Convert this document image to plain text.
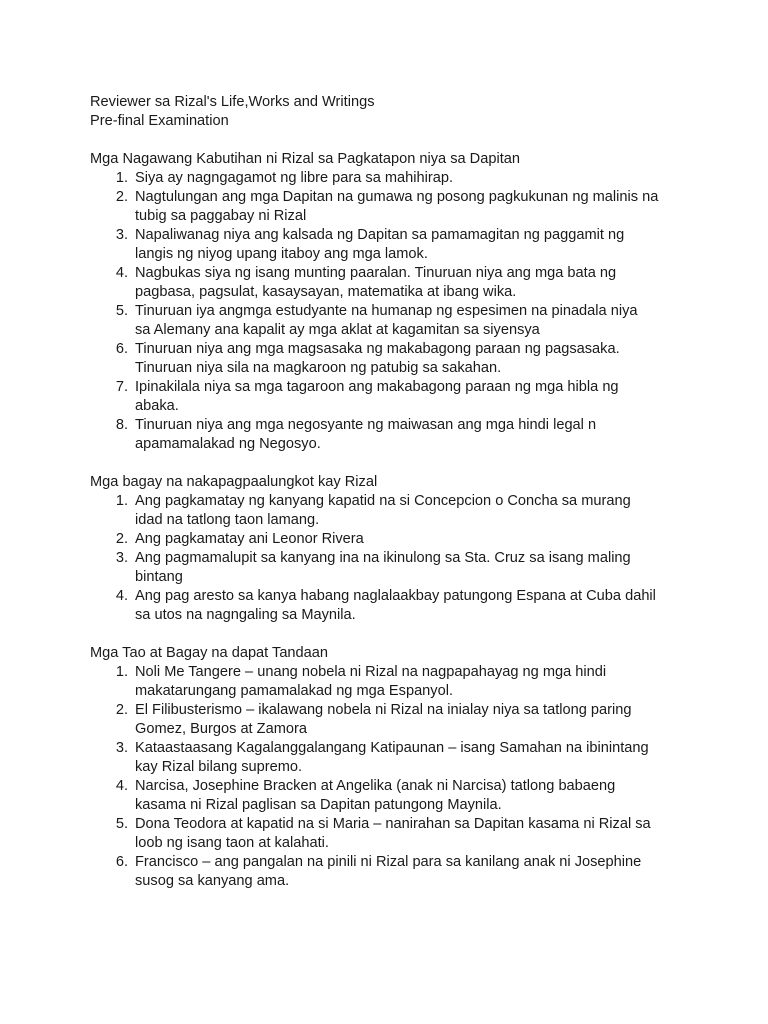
Reviewer sa Rizal's Life,Works and Writings
Pre-final Examination
Mga Nagawang Kabutihan ni Rizal sa Pagkatapon niya sa Dapitan
1. Siya ay nagngagamot ng libre para sa mahihirap.
2. Nagtulungan ang mga Dapitan na gumawa ng posong pagkukunan ng malinis na
tubig sa paggabay ni Rizal
3. Napaliwanag niya ang kalsada ng Dapitan sa pamamagitan ng paggamit ng
langis ng niyog upang itaboy ang mga lamok.
4. Nagbukas siya ng isang munting paaralan. Tinuruan niya ang mga bata ng
pagbasa, pagsulat, kasaysayan, matematika at ibang wika.
5. Tinuruan iya angmga estudyante na humanap ng espesimen na pinadala niya
sa Alemany ana kapalit ay mga aklat at kagamitan sa siyensya
6. Tinuruan niya ang mga magsasaka ng makabagong paraan ng pagsasaka.
Tinuruan niya sila na magkaroon ng patubig sa sakahan.
7. Ipinakilala niya sa mga tagaroon ang makabagong paraan ng mga hibla ng
abaka.
8. Tinuruan niya ang mga negosyante ng maiwasan ang mga hindi legal n
apamamalakad ng Negosyo.
Mga bagay na nakapagpaalungkot kay Rizal
1. Ang pagkamatay ng kanyang kapatid na si Concepcion o Concha sa murang
idad na tatlong taon lamang.
2. Ang pagkamatay ani Leonor Rivera
3. Ang pagmamalupit sa kanyang ina na ikinulong sa Sta. Cruz sa isang maling
bintang
4. Ang pag aresto sa kanya habang naglalaakbay patungong Espana at Cuba dahil
sa utos na nagngaling sa Maynila.
Mga Tao at Bagay na dapat Tandaan
1. Noli Me Tangere – unang nobela ni Rizal na nagpapahayag ng mga hindi
makatarungang pamamalakad ng mga Espanyol.
2. El Filibusterismo – ikalawang nobela ni Rizal na inialay niya sa tatlong paring
Gomez, Burgos at Zamora
3. Kataastaasang Kagalanggalangang Katipaunan – isang Samahan na ibinintang
kay Rizal bilang supremo.
4. Narcisa, Josephine Bracken at Angelika (anak ni Narcisa) tatlong babaeng
kasama ni Rizal paglisan sa Dapitan patungong Maynila.
5. Dona Teodora at kapatid na si Maria – nanirahan sa Dapitan kasama ni Rizal sa
loob ng isang taon at kalahati.
6. Francisco – ang pangalan na pinili ni Rizal para sa kanilang anak ni Josephine
susog sa kanyang ama.
